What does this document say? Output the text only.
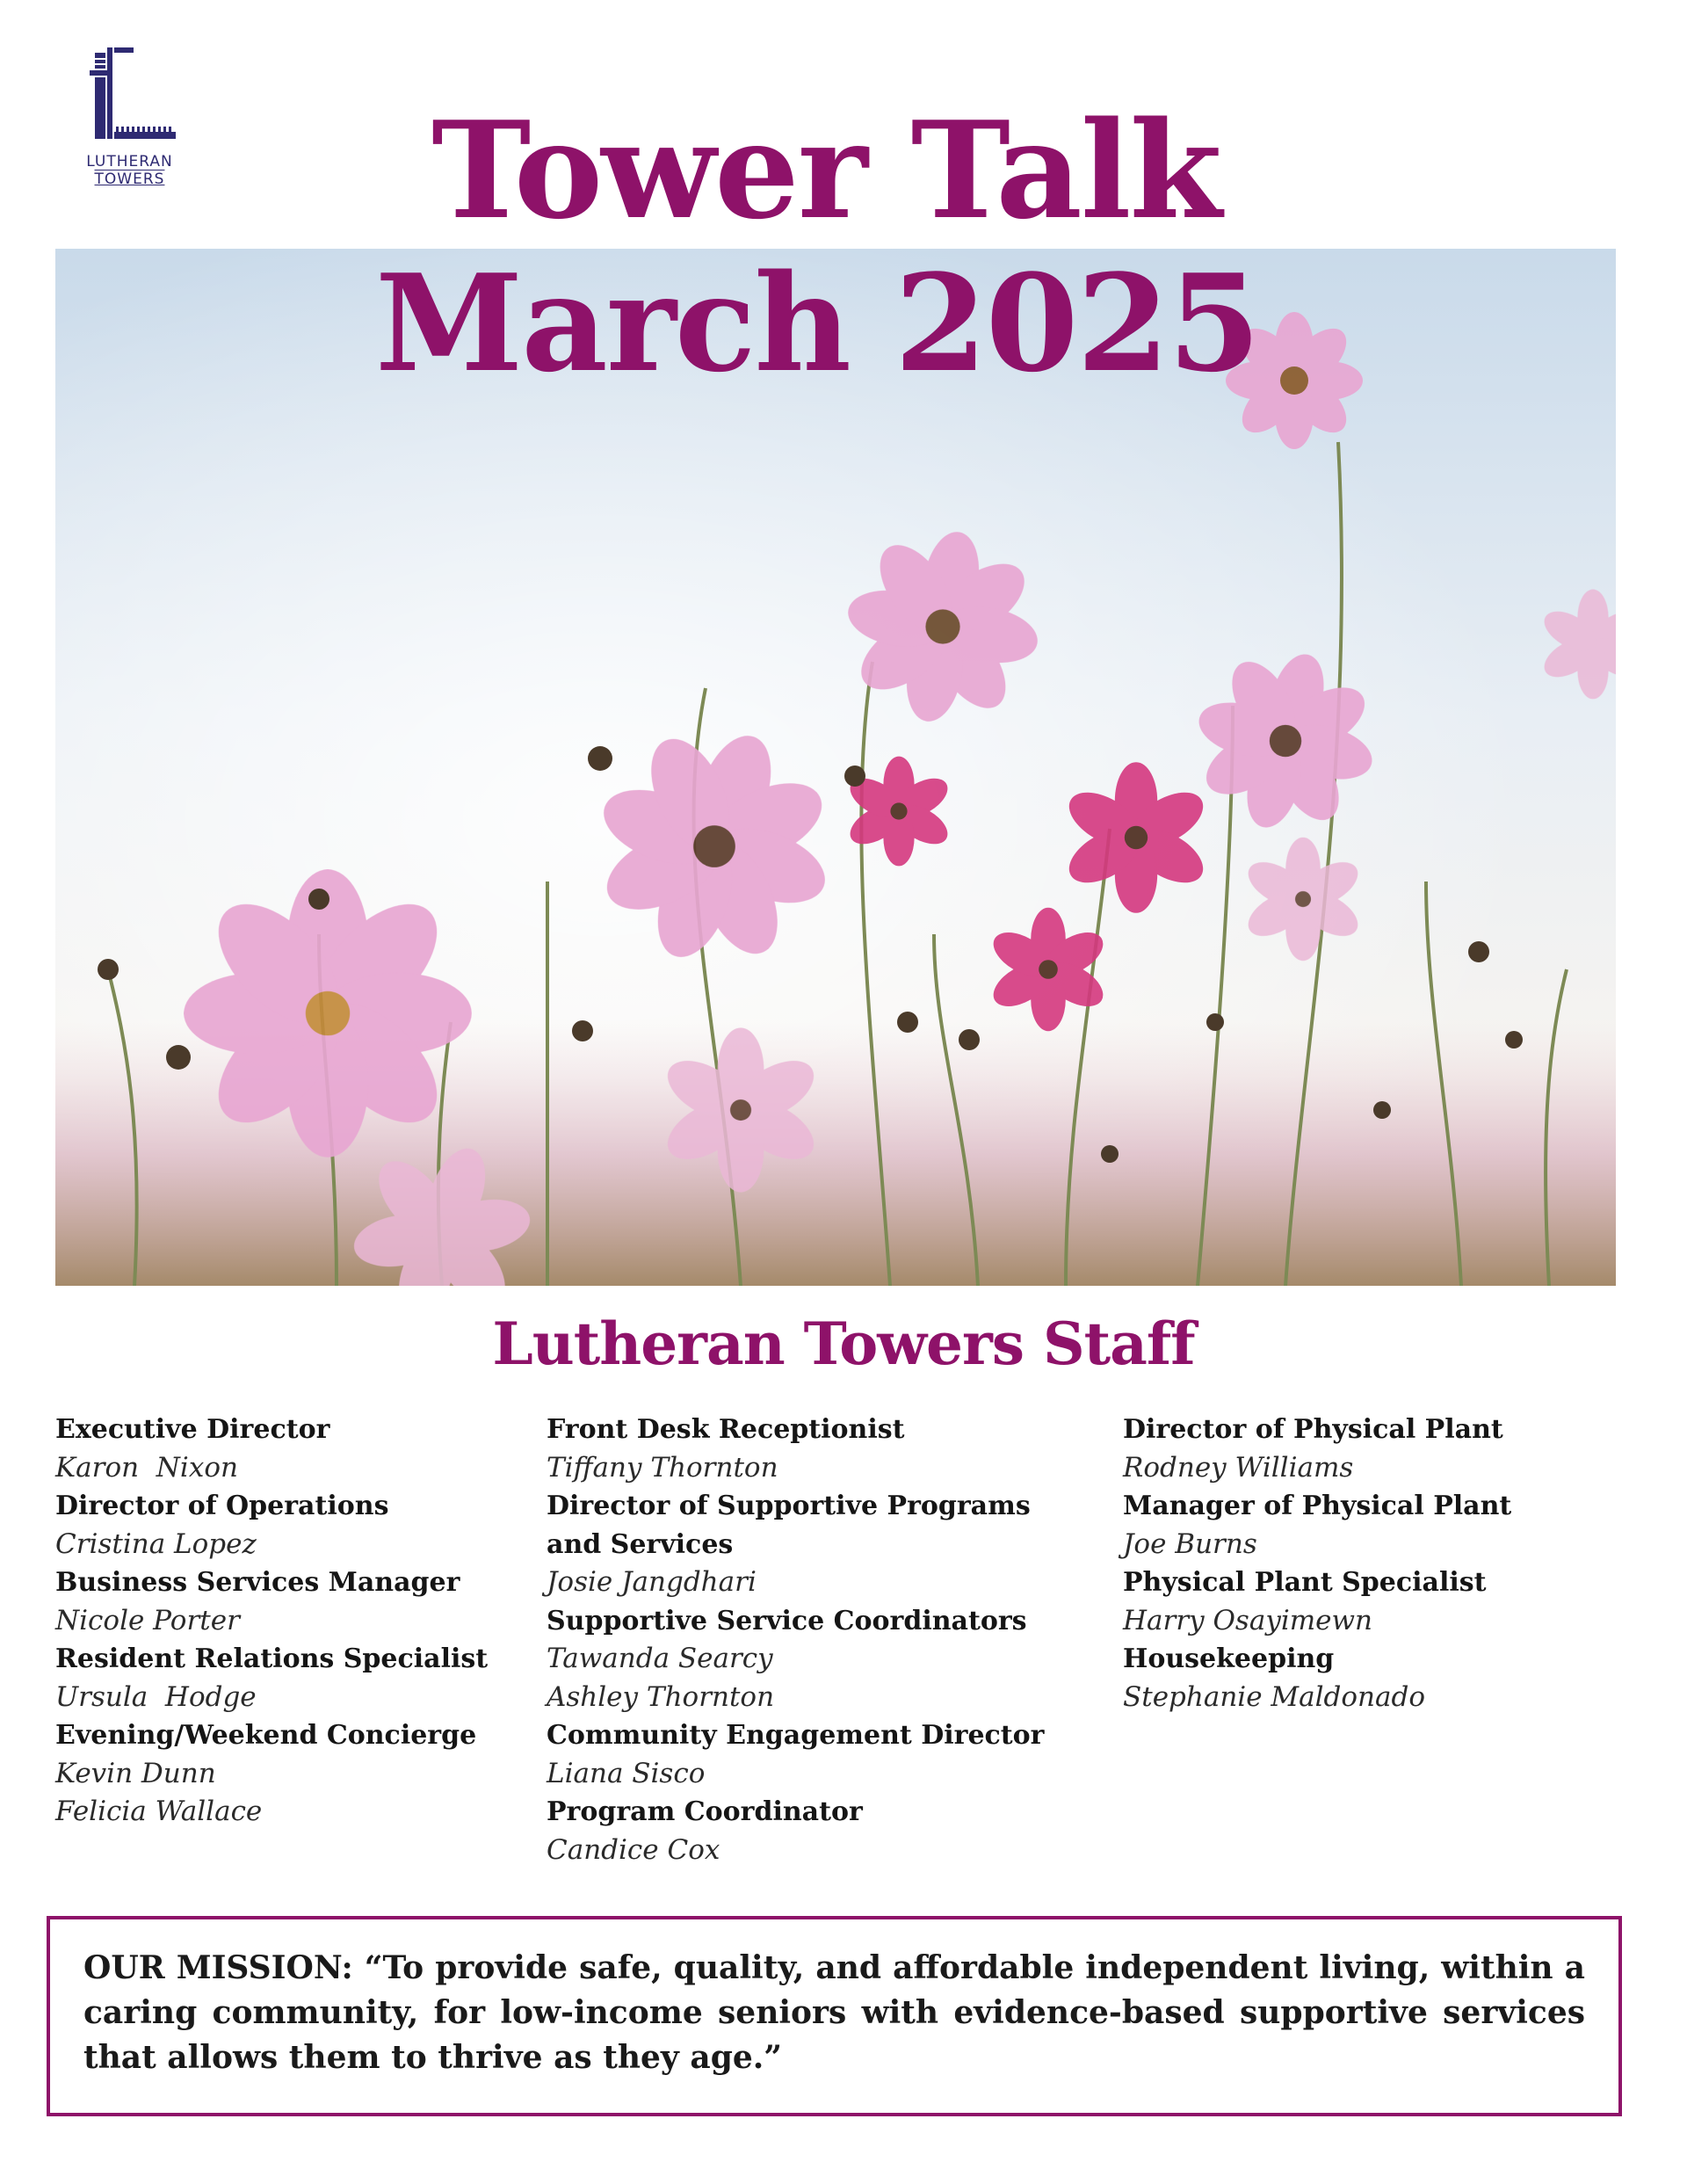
LUTHERAN
TOWERS	Tower Talk
March 2025
Lutheran Towers Staff
Executive Director
Karon  Nixon
Director of Operations
Cristina Lopez
Business Services Manager
Nicole Porter
Resident Relations Specialist
Ursula  Hodge
Evening/Weekend Concierge
Kevin Dunn
Felicia Wallace
Front Desk Receptionist
Tiffany Thornton
Director of Supportive Programs and Services
Josie Jangdhari
Supportive Service Coordinators
Tawanda Searcy
Ashley Thornton
Community Engagement Director
Liana Sisco
Program Coordinator
Candice Cox
Director of Physical Plant
Rodney Williams
Manager of Physical Plant
Joe Burns
Physical Plant Specialist
Harry Osayimewn
Housekeeping
Stephanie Maldonado

OUR MISSION: “To provide safe, quality, and affordable independent living, within a caring community, for low-income seniors with evidence-based supportive services that allows them to thrive as they age.”
